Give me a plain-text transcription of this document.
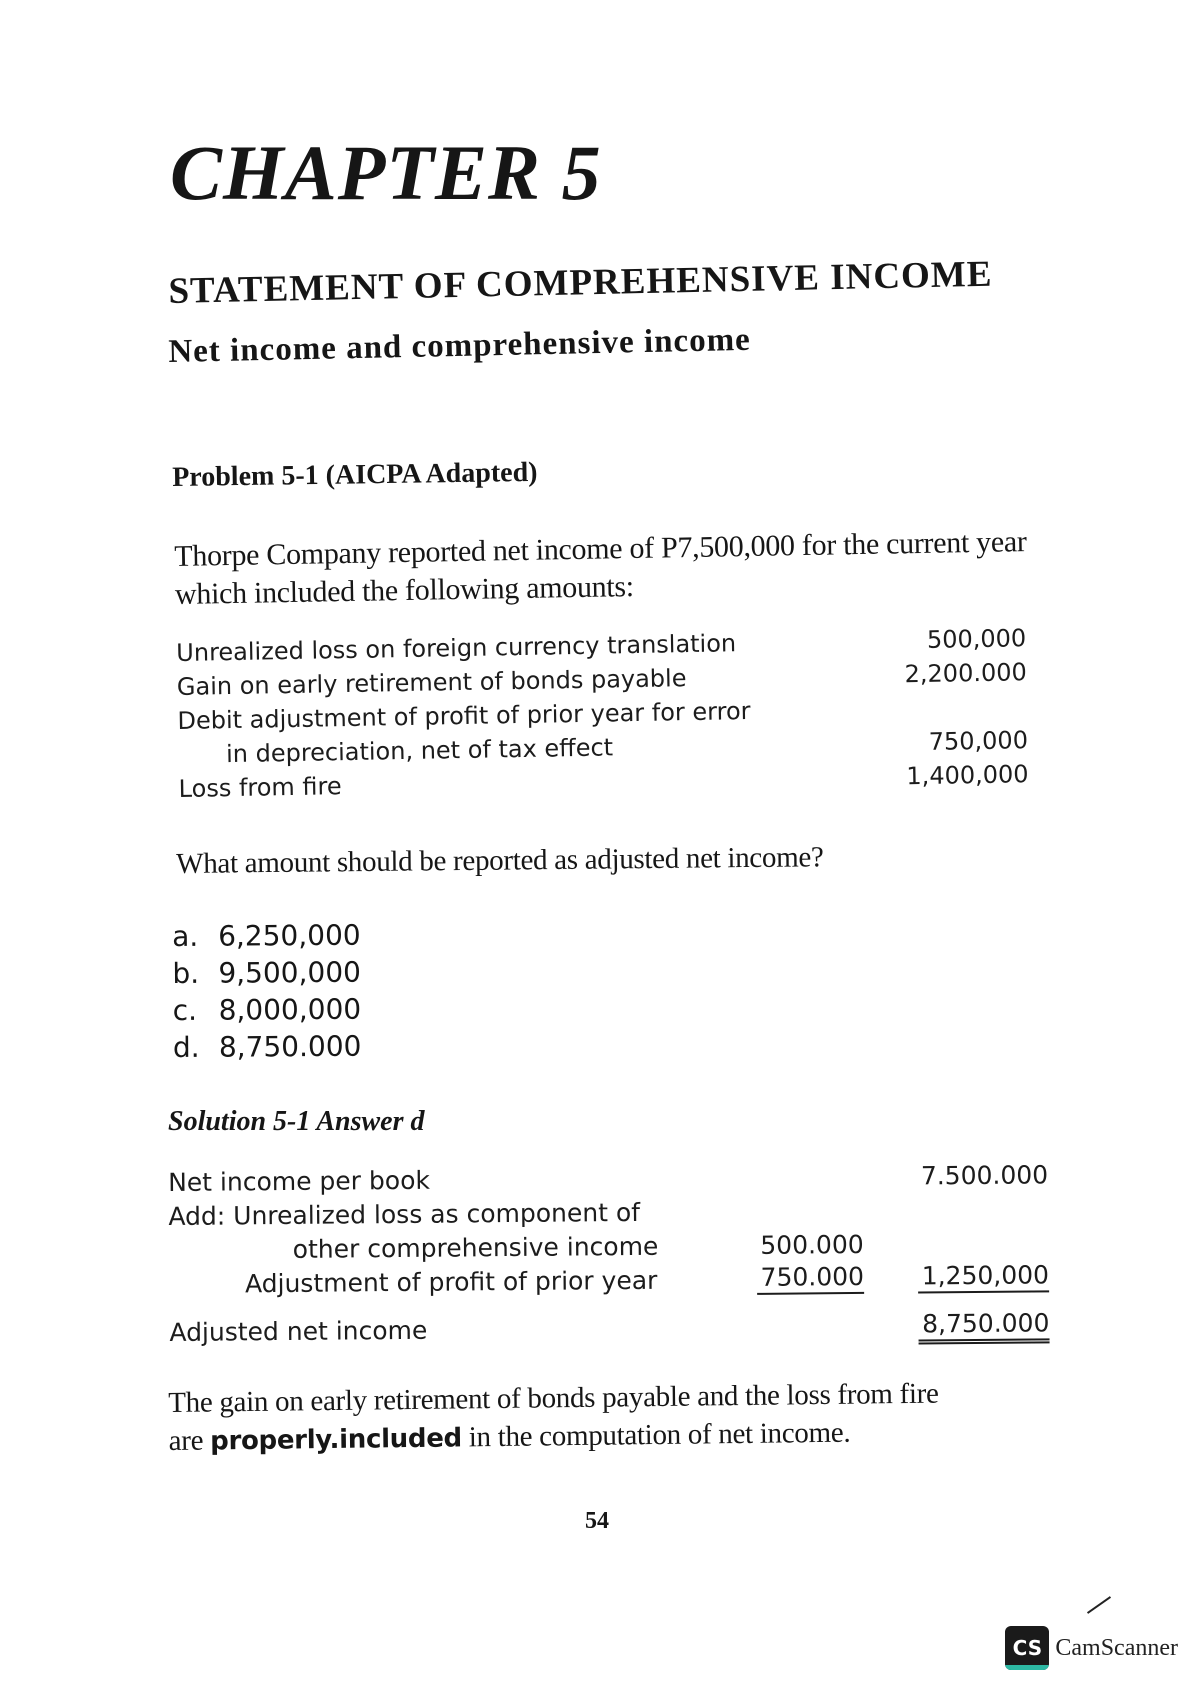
CHAPTER 5
STATEMENT OF COMPREHENSIVE INCOME
Net income and comprehensive income
Problem 5-1 (AICPA Adapted)

Thorpe Company reported net income of P7,500,000 for the current year which included the following amounts:

Unrealized loss on foreign currency translation	500,000
Gain on early retirement of bonds payable	2,200.000
Debit adjustment of profit of prior year for error
in depreciation, net of tax effect	750,000
Loss from fire	1,400,000

What amount should be reported as adjusted net income?

a. 6,250,000
b. 9,500,000
c. 8,000,000
d. 8,750.000
Solution 5-1 Answer d
Net income per book	7.500.000
Add: Unrealized loss as component of
other comprehensive income	500.000
Adjustment of profit of prior year	750.000 1,250,000
Adjusted net income	8,750.000

The gain on early retirement of bonds payable and the loss from fire
are properly.included in the computation of net income.

54
CS CamScanner
